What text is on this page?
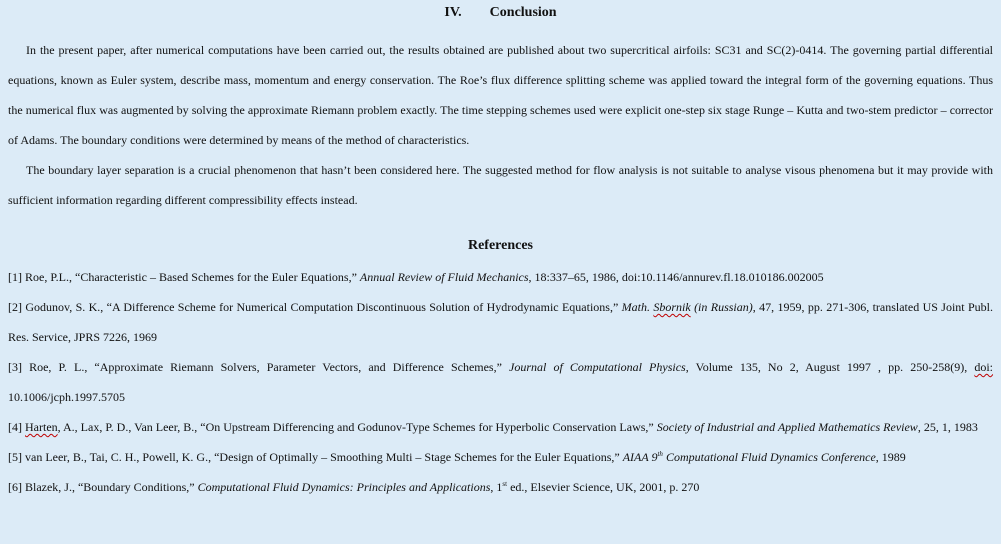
IV. Conclusion

In the present paper, after numerical computations have been carried out, the results obtained are published about two supercritical airfoils: SC31 and SC(2)-0414. The governing partial differential equations, known as Euler system, describe mass, momentum and energy conservation. The Roe’s flux difference splitting scheme was applied toward the integral form of the governing equations. Thus the numerical flux was augmented by solving the approximate Riemann problem exactly. The time stepping schemes used were explicit one-step six stage Runge – Kutta and two-stem predictor – corrector of Adams. The boundary conditions were determined by means of the method of characteristics.

The boundary layer separation is a crucial phenomenon that hasn’t been considered here. The suggested method for flow analysis is not suitable to analyse visous phenomena but it may provide with sufficient information regarding different compressibility effects instead.

References

[1] Roe, P.L., “Characteristic – Based Schemes for the Euler Equations,” Annual Review of Fluid Mechanics, 18:337–65, 1986, doi:10.1146/annurev.fl.18.010186.002005

[2] Godunov, S. K., “A Difference Scheme for Numerical Computation Discontinuous Solution of Hydrodynamic Equations,” Math. Sbornik (in Russian), 47, 1959, pp. 271-306, translated US Joint Publ. Res. Service, JPRS 7226, 1969

[3] Roe, P. L., “Approximate Riemann Solvers, Parameter Vectors, and Difference Schemes,” Journal of Computational Physics, Volume 135, No 2, August 1997 , pp. 250-258(9), doi: 10.1006/jcph.1997.5705

[4] Harten, A., Lax, P. D., Van Leer, B., “On Upstream Differencing and Godunov-Type Schemes for Hyperbolic Conservation Laws,” Society of Industrial and Applied Mathematics Review, 25, 1, 1983

[5] van Leer, B., Tai, C. H., Powell, K. G., “Design of Optimally – Smoothing Multi – Stage Schemes for the Euler Equations,” AIAA 9th Computational Fluid Dynamics Conference, 1989

[6] Blazek, J., “Boundary Conditions,” Computational Fluid Dynamics: Principles and Applications, 1st ed., Elsevier Science, UK, 2001, p. 270
